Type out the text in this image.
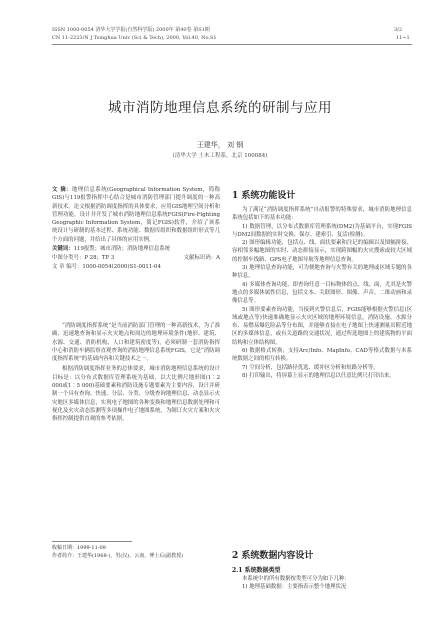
ISSN 1000-0054 清华大学学报(自然科学版) 2000年 第40卷 第S1期	3/2
CN 11-2223/N J Tsinghua Univ (Sci & Tech), 2000, Vol.40, No.S1	11~1
城市消防地理信息系统的研制与应用
王建华， 刘 钢
(清华大学 土木工程系，北京 100084)

文 摘：地理信息系统(Geographical Information System，简称GIS)与119报警指挥中心结合是城市消防管理部门提升调度的一种高新技术。论文根据消防调度指挥的具体要求，应用GIS地理空间分析和管理功能，设计并开发了城市消防地理信息系统FGIS(Fire-Fighting Geographic Information System，简记FGIS)软件，介绍了该系统设计与研制的基本过程、系统功能、数据库组织和数据组织形式等几个方面的问题，并给出了具体的应用实例。

关键词：119报警；城市消防；消防地理信息系统

中图分类号：P 28；TP 3	文献标识码：A
文 章 编号：1000-0054(2000)S1-0011-04

“消防调度指挥系统”是当前消防部门管理的一种高新技术，为了准确、迅速地查询和显示火灾地点和周边的地理环境条件(地形、建筑、水源、交通、消防机构、人口和建筑密度等)，必须研制一套消防指挥中心和消防车辆监察直观查询的消防地理信息系统FGIS，它是“消防调度指挥系统”的基础内容和关键技术之一。

根据消防调度指挥业务的总体要求，城市消防地理信息系统的设计目标是：以分布式数据库管理系统为基础，以大比例尺地形图(1∶2 000或1∶5 000)基础要素和消防设施专题要素为主要内容，设计并研制一个具有查询、快速、分层、分类、分级查询地理信息、动态显示火灾地区多媒体信息，实现电子地图的各种变换和地理信息数据处理和可视化及火灾动态监测等多项操作电子地图系统，为制订火灾方案和火灾指挥控制提供直观的参考依据。

收稿日期：1999-11-09
作者简介：王建华(1968-)，男(汉)，云南，博士后(副教授)
1 系统功能设计

为了满足“消防调度指挥系统”自动报警的特殊要求，城市消防地理信息系统包括如下的基本功能：

1) 数据管理，以分布式数据库管理系统(DM2)为基础平台，实现FGIS与DM2间数据的实时交换、保存、建索引、复活(检测)。
2) 图形编辑功能，包括点、线、面状要素和注记的编辑以及图幅拼接、容相邻多幅地图的实时、动态拼接显示，实现跨图幅的火灾搜索或较大区域的控制车线路、GPS电子地图导航等地理信息查询。
3) 地理信息查询功能，可为便地查询与火警有关的地理或区域专题的各种信息。
4) 多媒体查询功能，即查询任意一目标物体的点、线、面，尤其是火警地点的多媒体属性信息，包括文本、关联图形、图像、声音、二维动画和录像信息等。
5) 图形要素查询功能，当接到火警信息后，FGIS能够根据火警信息(区域或地点等)快速准确地显示火灾区域的地理环境信息，消防设施、水源分布、易燃易爆危险品等分布图，并能够直接在电子地图上快速测量出附近地区的多媒体信息，或有关道路的交通状况，通过所选地图上的建筑物的平面结构和立体结构图。
6) 数据格式转换，支持Arc/Info、MapInfo、CAD等格式数据与本系统数据之间的相互转换。
7) 空间分析，包括路径优选、缓冲区分析和短路分析等。
8) 打印输出，将屏幕上显示的地理信息以任意比例尺打印出来。
2 系统数据内容设计
2.1 系统数据类型

本系统中的所有数据按类型可分为如下几种：

1) 地理基础数据：主要指表示整个地理状况
